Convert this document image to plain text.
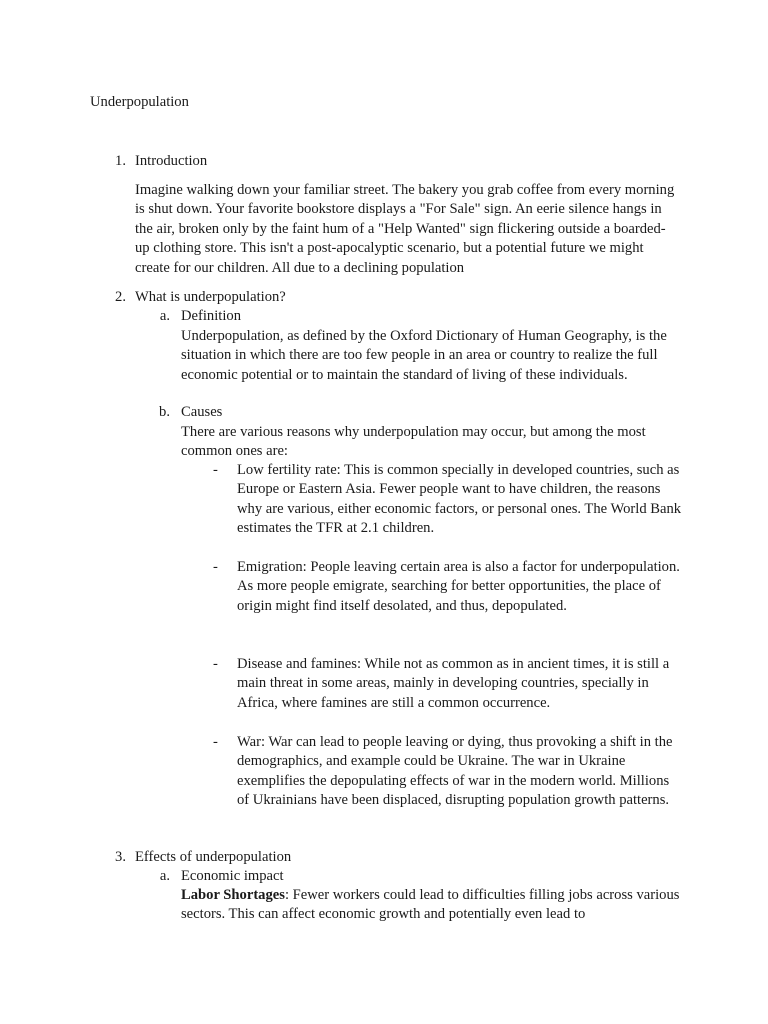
Underpopulation
1. Introduction

Imagine walking down your familiar street. The bakery you grab coffee from every morning is shut down. Your favorite bookstore displays a "For Sale" sign. An eerie silence hangs in the air, broken only by the faint hum of a "Help Wanted" sign flickering outside a boarded-up clothing store. This isn't a post-apocalyptic scenario, but a potential future we might create for our children. All due to a declining population

2. What is underpopulation?
a. Definition

Underpopulation, as defined by the Oxford Dictionary of Human Geography, is the situation in which there are too few people in an area or country to realize the full economic potential or to maintain the standard of living of these individuals.

b. Causes

There are various reasons why underpopulation may occur, but among the most common ones are:

- Low fertility rate: This is common specially in developed countries, such as Europe or Eastern Asia. Fewer people want to have children, the reasons why are various, either economic factors, or personal ones. The World Bank estimates the TFR at 2.1 children.

- Emigration: People leaving certain area is also a factor for underpopulation. As more people emigrate, searching for better opportunities, the place of origin might find itself desolated, and thus, depopulated.

- Disease and famines: While not as common as in ancient times, it is still a main threat in some areas, mainly in developing countries, specially in Africa, where famines are still a common occurrence.

- War: War can lead to people leaving or dying, thus provoking a shift in the demographics, and example could be Ukraine. The war in Ukraine exemplifies the depopulating effects of war in the modern world. Millions of Ukrainians have been displaced, disrupting population growth patterns.

3. Effects of underpopulation
a. Economic impact

Labor Shortages: Fewer workers could lead to difficulties filling jobs across various sectors. This can affect economic growth and potentially even lead to
